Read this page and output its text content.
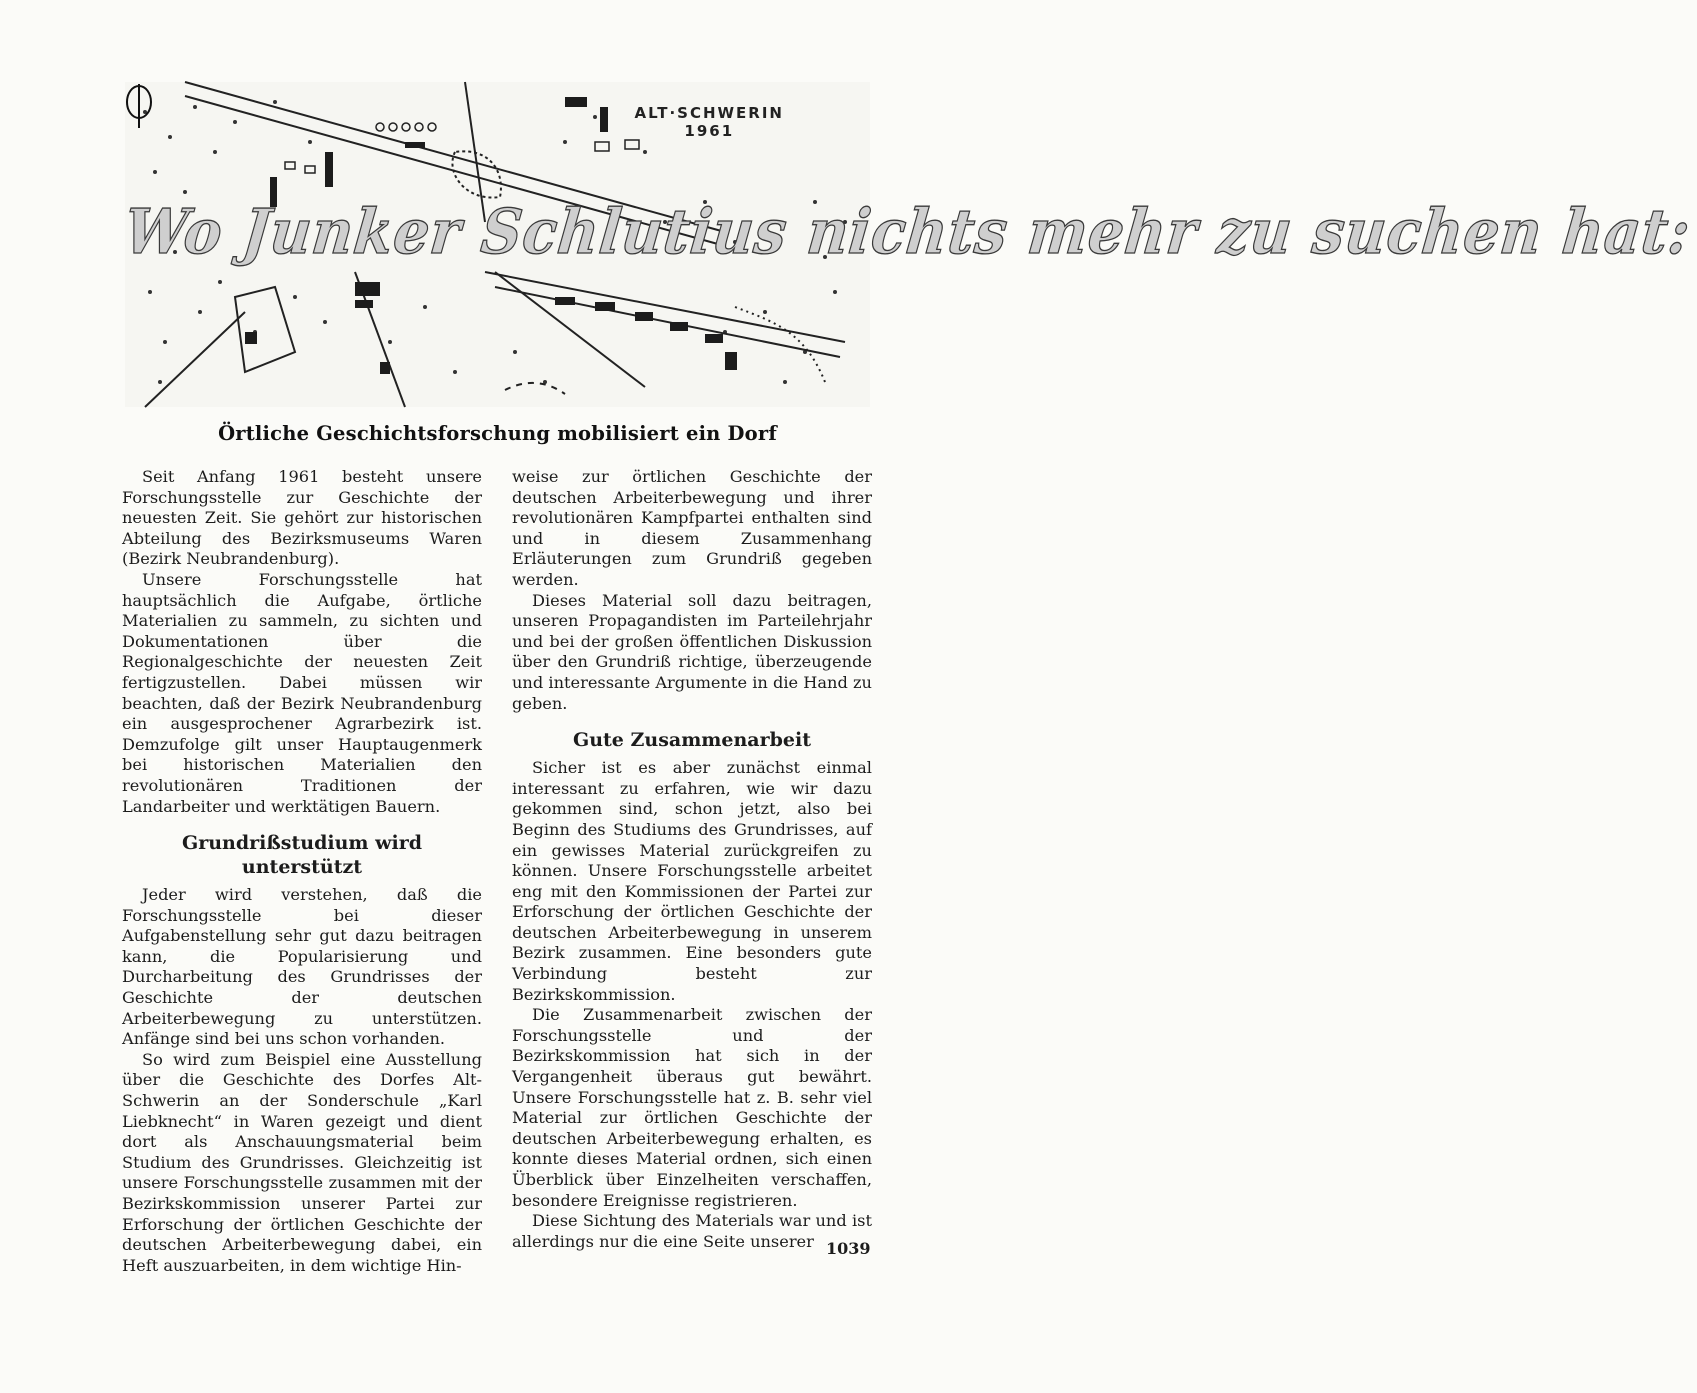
Wo Junker Schlutius nichts mehr zu suchen hat:
ALT·SCHWERIN
1961
Örtliche Geschichtsforschung mobilisiert ein Dorf

Seit Anfang 1961 besteht unsere Forschungsstelle zur Geschichte der neuesten Zeit. Sie gehört zur historischen Abteilung des Bezirksmuseums Waren (Bezirk Neubrandenburg).

Unsere Forschungsstelle hat hauptsächlich die Aufgabe, örtliche Materialien zu sammeln, zu sichten und Dokumentationen über die Regionalgeschichte der neuesten Zeit fertigzustellen. Dabei müssen wir beachten, daß der Bezirk Neubrandenburg ein ausgesprochener Agrarbezirk ist. Demzufolge gilt unser Hauptaugenmerk bei historischen Materialien den revolutionären Traditionen der Landarbeiter und werktätigen Bauern.

Grundrißstudium wird unterstützt

Jeder wird verstehen, daß die Forschungsstelle bei dieser Aufgabenstellung sehr gut dazu beitragen kann, die Popularisierung und Durcharbeitung des Grundrisses der Geschichte der deutschen Arbeiterbewegung zu unterstützen. Anfänge sind bei uns schon vorhanden.

So wird zum Beispiel eine Ausstellung über die Geschichte des Dorfes Alt-Schwerin an der Sonderschule „Karl Liebknecht“ in Waren gezeigt und dient dort als Anschauungsmaterial beim Studium des Grundrisses. Gleichzeitig ist unsere Forschungsstelle zusammen mit der Bezirkskommission unserer Partei zur Erforschung der örtlichen Geschichte der deutschen Arbeiterbewegung dabei, ein Heft auszuarbeiten, in dem wichtige Hin-

weise zur örtlichen Geschichte der deutschen Arbeiterbewegung und ihrer revolutionären Kampfpartei enthalten sind und in diesem Zusammenhang Erläuterungen zum Grundriß gegeben werden.

Dieses Material soll dazu beitragen, unseren Propagandisten im Parteilehrjahr und bei der großen öffentlichen Diskussion über den Grundriß richtige, überzeugende und interessante Argumente in die Hand zu geben.

Gute Zusammenarbeit

Sicher ist es aber zunächst einmal interessant zu erfahren, wie wir dazu gekommen sind, schon jetzt, also bei Beginn des Studiums des Grundrisses, auf ein gewisses Material zurückgreifen zu können. Unsere Forschungsstelle arbeitet eng mit den Kommissionen der Partei zur Erforschung der örtlichen Geschichte der deutschen Arbeiterbewegung in unserem Bezirk zusammen. Eine besonders gute Verbindung besteht zur Bezirkskommission.

Die Zusammenarbeit zwischen der Forschungsstelle und der Bezirkskommission hat sich in der Vergangenheit überaus gut bewährt. Unsere Forschungsstelle hat z. B. sehr viel Material zur örtlichen Geschichte der deutschen Arbeiterbewegung erhalten, es konnte dieses Material ordnen, sich einen Überblick über Einzelheiten verschaffen, besondere Ereignisse registrieren.

Diese Sichtung des Materials war und ist allerdings nur die eine Seite unserer 1039
